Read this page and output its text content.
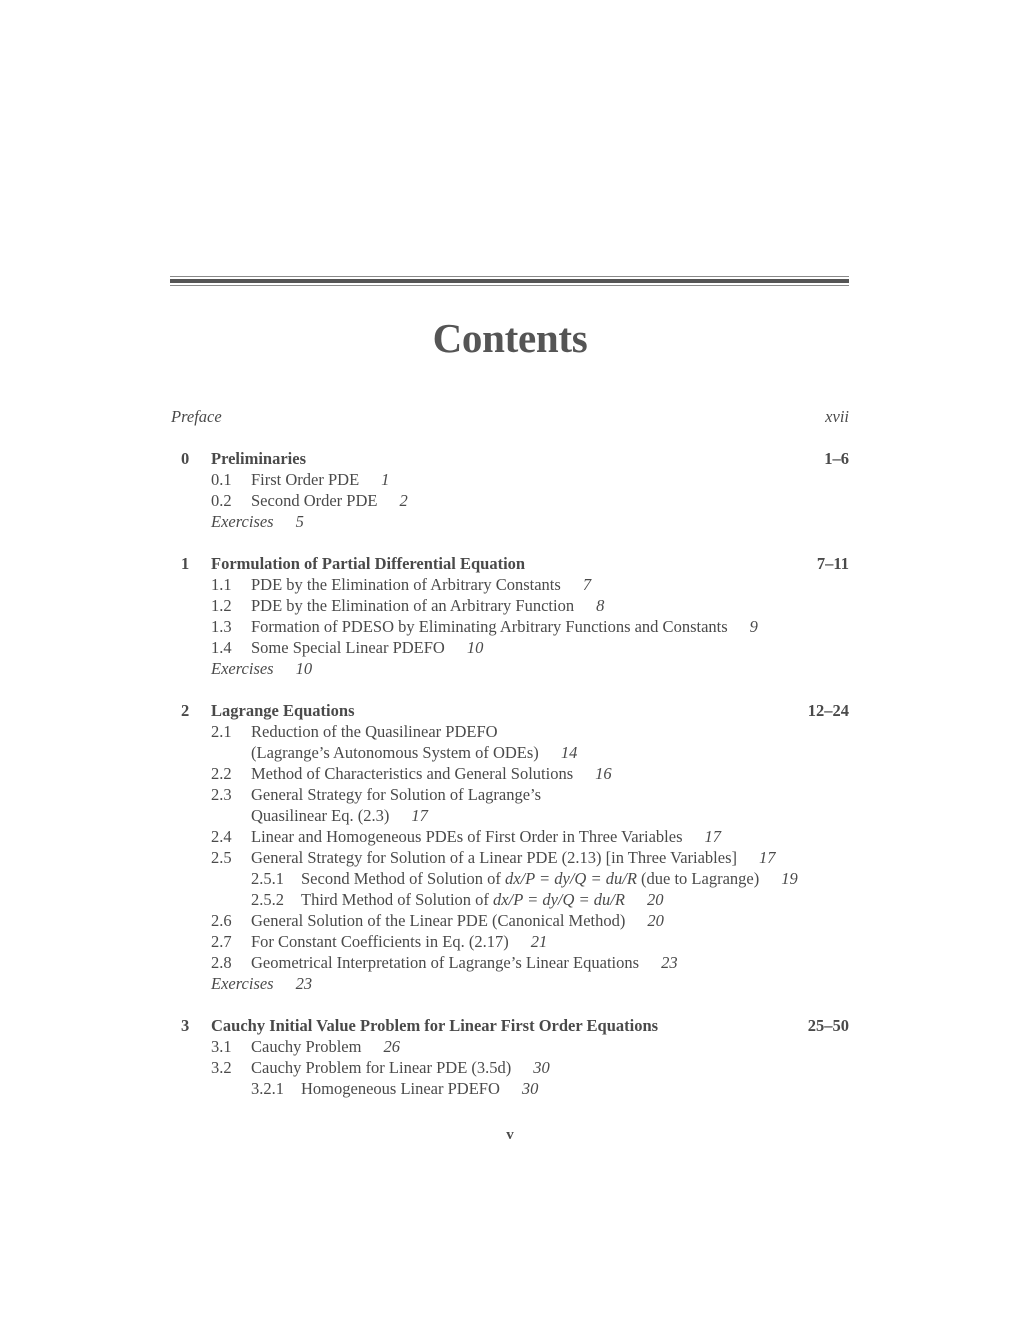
Contents
Preface	xvii
0 Preliminaries	1–6
0.1 First Order PDE 1
0.2 Second Order PDE 2
Exercises 5
1 Formulation of Partial Differential Equation	7–11
1.1 PDE by the Elimination of Arbitrary Constants 7
1.2 PDE by the Elimination of an Arbitrary Function 8
1.3 Formation of PDESO by Eliminating Arbitrary Functions and Constants 9
1.4 Some Special Linear PDEFO 10
Exercises 10
2 Lagrange Equations	12–24
2.1 Reduction of the Quasilinear PDEFO
(Lagrange’s Autonomous System of ODEs) 14
2.2 Method of Characteristics and General Solutions 16
2.3 General Strategy for Solution of Lagrange’s
Quasilinear Eq. (2.3) 17
2.4 Linear and Homogeneous PDEs of First Order in Three Variables 17
2.5 General Strategy for Solution of a Linear PDE (2.13) [in Three Variables] 17
2.5.1 Second Method of Solution of dx/P = dy/Q = du/R (due to Lagrange) 19
2.5.2 Third Method of Solution of dx/P = dy/Q = du/R 20
2.6 General Solution of the Linear PDE (Canonical Method) 20
2.7 For Constant Coefficients in Eq. (2.17) 21
2.8 Geometrical Interpretation of Lagrange’s Linear Equations 23
Exercises 23
3 Cauchy Initial Value Problem for Linear First Order Equations	25–50
3.1 Cauchy Problem 26
3.2 Cauchy Problem for Linear PDE (3.5d) 30
3.2.1 Homogeneous Linear PDEFO 30
v
